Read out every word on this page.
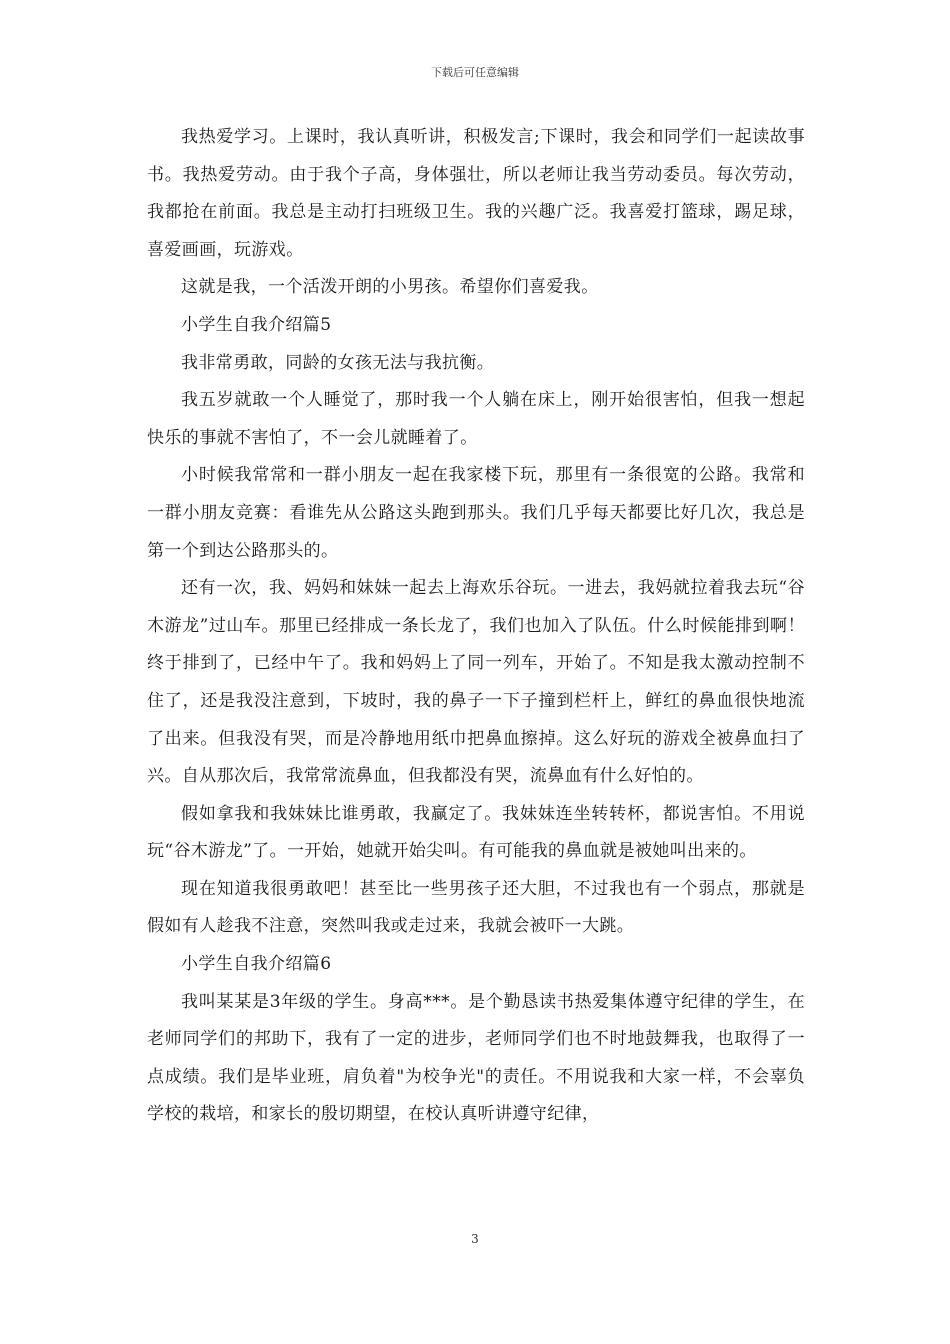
下载后可任意编辑

我热爱学习。上课时，我认真听讲，积极发言;下课时，我会和同学们一起读故事书。我热爱劳动。由于我个子高，身体强壮，所以老师让我当劳动委员。每次劳动，我都抢在前面。我总是主动打扫班级卫生。我的兴趣广泛。我喜爱打篮球，踢足球，喜爱画画，玩游戏。

这就是我，一个活泼开朗的小男孩。希望你们喜爱我。

小学生自我介绍篇5

我非常勇敢，同龄的女孩无法与我抗衡。

我五岁就敢一个人睡觉了，那时我一个人躺在床上，刚开始很害怕，但我一想起快乐的事就不害怕了，不一会儿就睡着了。

小时候我常常和一群小朋友一起在我家楼下玩，那里有一条很宽的公路。我常和一群小朋友竞赛：看谁先从公路这头跑到那头。我们几乎每天都要比好几次，我总是第一个到达公路那头的。

还有一次，我、妈妈和妹妹一起去上海欢乐谷玩。一进去，我妈就拉着我去玩“谷木游龙”过山车。那里已经排成一条长龙了，我们也加入了队伍。什么时候能排到啊！终于排到了，已经中午了。我和妈妈上了同一列车，开始了。不知是我太激动控制不住了，还是我没注意到，下坡时，我的鼻子一下子撞到栏杆上，鲜红的鼻血很快地流了出来。但我没有哭，而是冷静地用纸巾把鼻血擦掉。这么好玩的游戏全被鼻血扫了兴。自从那次后，我常常流鼻血，但我都没有哭，流鼻血有什么好怕的。

假如拿我和我妹妹比谁勇敢，我赢定了。我妹妹连坐转转杯，都说害怕。不用说玩“谷木游龙”了。一开始，她就开始尖叫。有可能我的鼻血就是被她叫出来的。

现在知道我很勇敢吧！甚至比一些男孩子还大胆，不过我也有一个弱点，那就是假如有人趁我不注意，突然叫我或走过来，我就会被吓一大跳。

小学生自我介绍篇6

我叫某某是3年级的学生。身高***。是个勤恳读书热爱集体遵守纪律的学生，在老师同学们的邦助下，我有了一定的进步，老师同学们也不时地鼓舞我，也取得了一点成绩。我们是毕业班，肩负着"为校争光"的责任。不用说我和大家一样，不会辜负学校的栽培，和家长的殷切期望，在校认真听讲遵守纪律，

3
